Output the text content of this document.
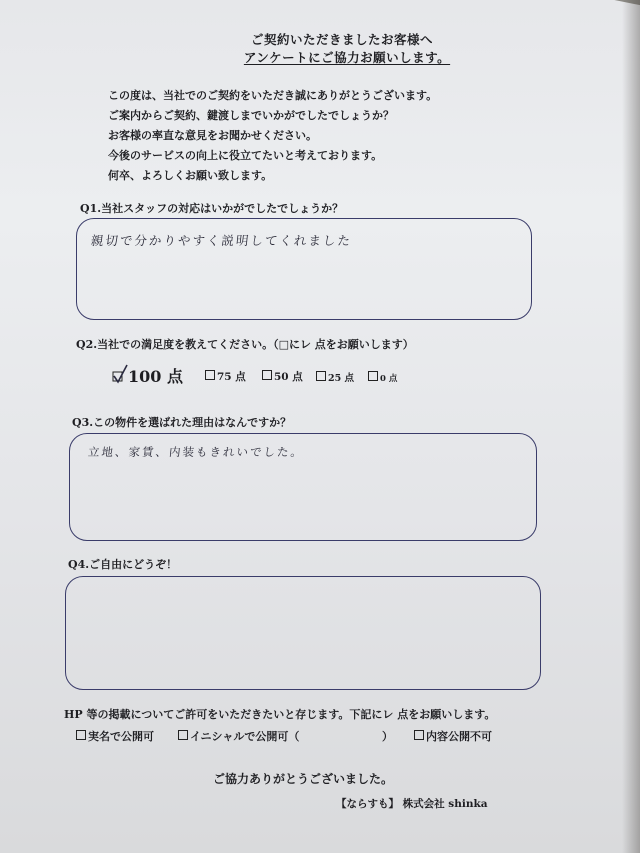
ご契約いただきましたお客様へ
アンケートにご協力お願いします。
この度は、当社でのご契約をいただき誠にありがとうございます。
ご案内からご契約、鍵渡しまでいかがでしたでしょうか？
お客様の率直な意見をお聞かせください。
今後のサービスの向上に役立てたいと考えております。
何卒、よろしくお願い致します。
Q1.当社スタッフの対応はいかがでしたでしょうか？
親切で分かりやすく説明してくれました
Q2.当社での満足度を教えてください。（□にレ 点をお願いします）
100 点	75 点	50 点	25 点	0 点
Q3.この物件を選ばれた理由はなんですか？
立地、家賃、内装もきれいでした。
Q4.ご自由にどうぞ！
HP 等の掲載についてご許可をいただきたいと存じます。下記にレ 点をお願いします。
実名で公開可	イニシャルで公開可（	）	内容公開不可
ご協力ありがとうございました。
【ならすも】 株式会社 shinka
